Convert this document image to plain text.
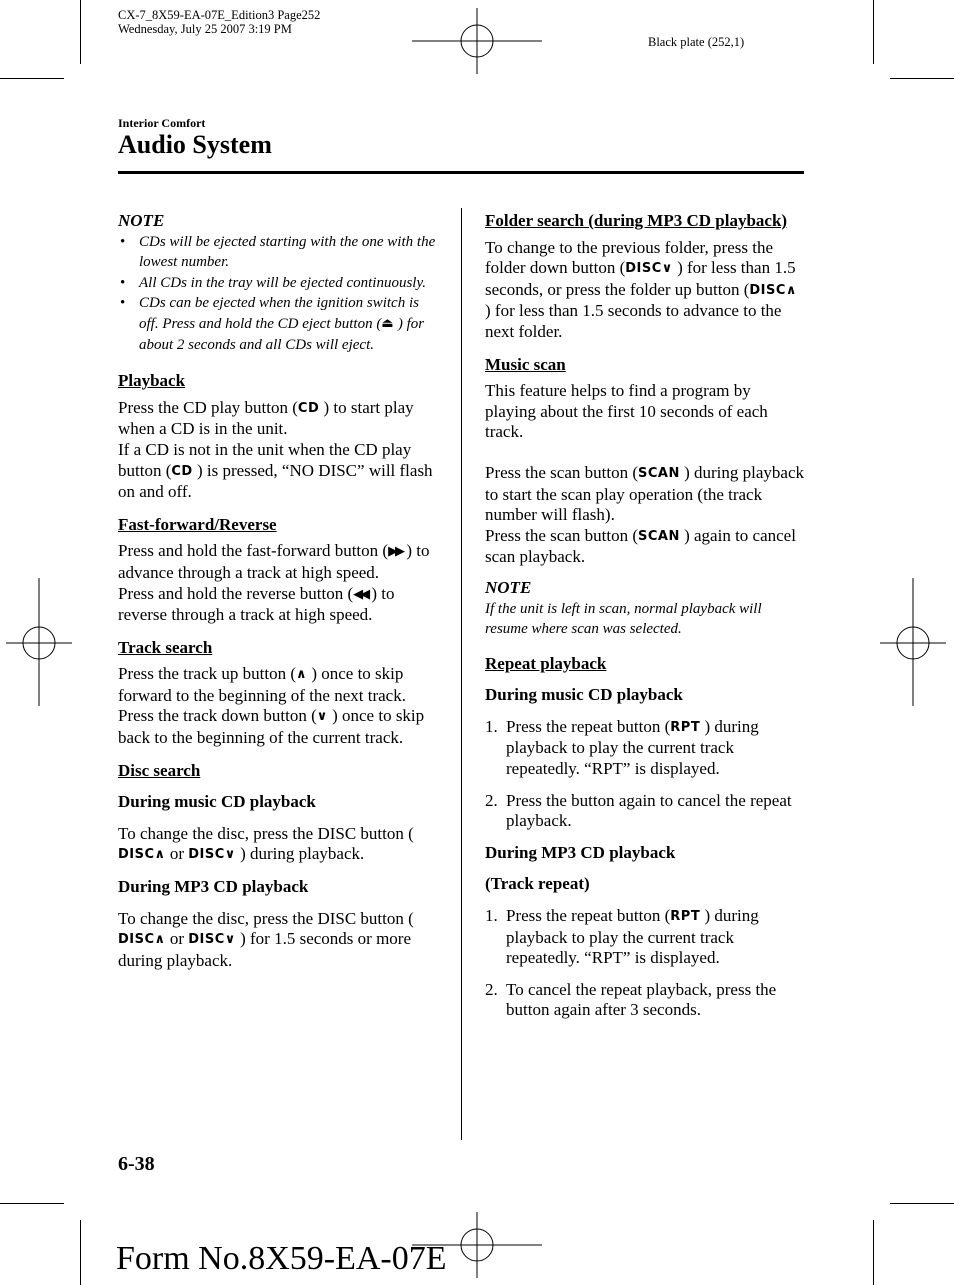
CX-7_8X59-EA-07E_Edition3 Page252
Wednesday, July 25 2007 3:19 PM
Black plate (252,1)
Interior Comfort
Audio System
NOTE
• CDs will be ejected starting with the one with the lowest number.
• All CDs in the tray will be ejected continuously.
• CDs can be ejected when the ignition switch is off. Press and hold the CD eject button (⏏ ) for about 2 seconds and all CDs will eject.
Playback

Press the CD play button (CD ) to start play when a CD is in the unit.

If a CD is not in the unit when the CD play button (CD ) is pressed, “NO DISC” will flash on and off.

Fast-forward/Reverse

Press and hold the fast-forward button (▶▶ ) to advance through a track at high speed.

Press and hold the reverse button (◀◀ ) to reverse through a track at high speed.

Track search

Press the track up button (∧ ) once to skip forward to the beginning of the next track.

Press the track down button (∨ ) once to skip back to the beginning of the current track.

Disc search
During music CD playback

To change the disc, press the DISC button (DISC∧ or DISC∨ ) during playback.

During MP3 CD playback

To change the disc, press the DISC button (DISC∧ or DISC∨ ) for 1.5 seconds or more during playback.

Folder search (during MP3 CD playback)

To change to the previous folder, press the folder down button (DISC∨ ) for less than 1.5 seconds, or press the folder up button (DISC∧ ) for less than 1.5 seconds to advance to the next folder.

Music scan

This feature helps to find a program by playing about the first 10 seconds of each track.

Press the scan button (SCAN ) during playback to start the scan play operation (the track number will flash).

Press the scan button (SCAN ) again to cancel scan playback.

NOTE
If the unit is left in scan, normal playback will resume where scan was selected.
Repeat playback
During music CD playback
1. Press the repeat button (RPT ) during playback to play the current track repeatedly. “RPT” is displayed.
2. Press the button again to cancel the repeat playback.
During MP3 CD playback
(Track repeat)
1. Press the repeat button (RPT ) during playback to play the current track repeatedly. “RPT” is displayed.
2. To cancel the repeat playback, press the button again after 3 seconds.
6-38
Form No.8X59-EA-07E
